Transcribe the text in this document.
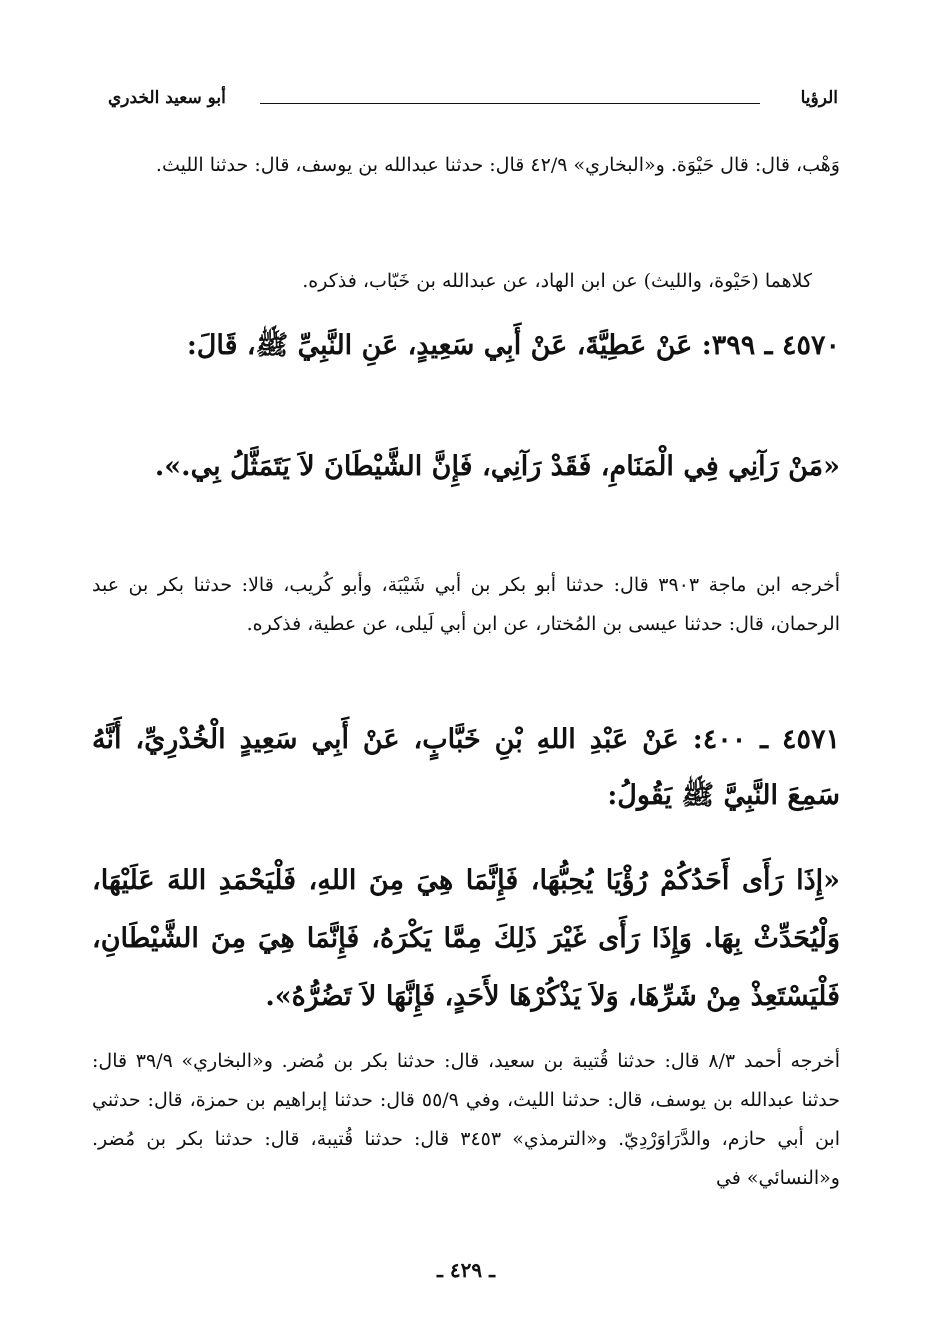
الرؤيا
أبو سعيد الخدري

وَهْب، قال: قال حَيْوَة. و«البخاري» ٤٢/٩ قال: حدثنا عبدالله بن يوسف، قال: حدثنا الليث.

كلاهما (حَيْوة، والليث) عن ابن الهاد، عن عبدالله بن خَبّاب، فذكره.

٤٥٧٠ ـ ٣٩٩: عَنْ عَطِيَّةَ، عَنْ أَبِي سَعِيدٍ، عَنِ النَّبِيِّ ﷺ، قَالَ:

«مَنْ رَآنِي فِي الْمَنَامِ، فَقَدْ رَآنِي، فَإِنَّ الشَّيْطَانَ لاَ يَتَمَثَّلُ بِي.».

أخرجه ابن ماجة ٣٩٠٣ قال: حدثنا أبو بكر بن أبي شَيْبَة، وأبو كُريب، قالا: حدثنا بكر بن عبد الرحمان، قال: حدثنا عيسى بن المُختار، عن ابن أبي لَيلى، عن عطية، فذكره.

٤٥٧١ ـ ٤٠٠: عَنْ عَبْدِ اللهِ بْنِ خَبَّابٍ، عَنْ أَبِي سَعِيدٍ الْخُدْرِيِّ، أَنَّهُ سَمِعَ النَّبِيَّ ﷺ يَقُولُ:

«إِذَا رَأَى أَحَدُكُمْ رُؤْيَا يُحِبُّهَا، فَإِنَّمَا هِيَ مِنَ اللهِ، فَلْيَحْمَدِ اللهَ عَلَيْهَا، وَلْيُحَدِّثْ بِهَا. وَإِذَا رَأَى غَيْرَ ذَلِكَ مِمَّا يَكْرَهُ، فَإِنَّمَا هِيَ مِنَ الشَّيْطَانِ، فَلْيَسْتَعِذْ مِنْ شَرِّهَا، وَلاَ يَذْكُرْهَا لأَحَدٍ، فَإِنَّهَا لاَ تَضُرُّهُ».

أخرجه أحمد ٨/٣ قال: حدثنا قُتيبة بن سعيد، قال: حدثنا بكر بن مُضر. و«البخاري» ٣٩/٩ قال: حدثنا عبدالله بن يوسف، قال: حدثنا الليث، وفي ٥٥/٩ قال: حدثنا إبراهيم بن حمزة، قال: حدثني ابن أبي حازم، والدَّرَاوَرْدِيّ. و«الترمذي» ٣٤٥٣ قال: حدثنا قُتيبة، قال: حدثنا بكر بن مُضر. و«النسائي» في

ـ ٤٢٩ ـ
